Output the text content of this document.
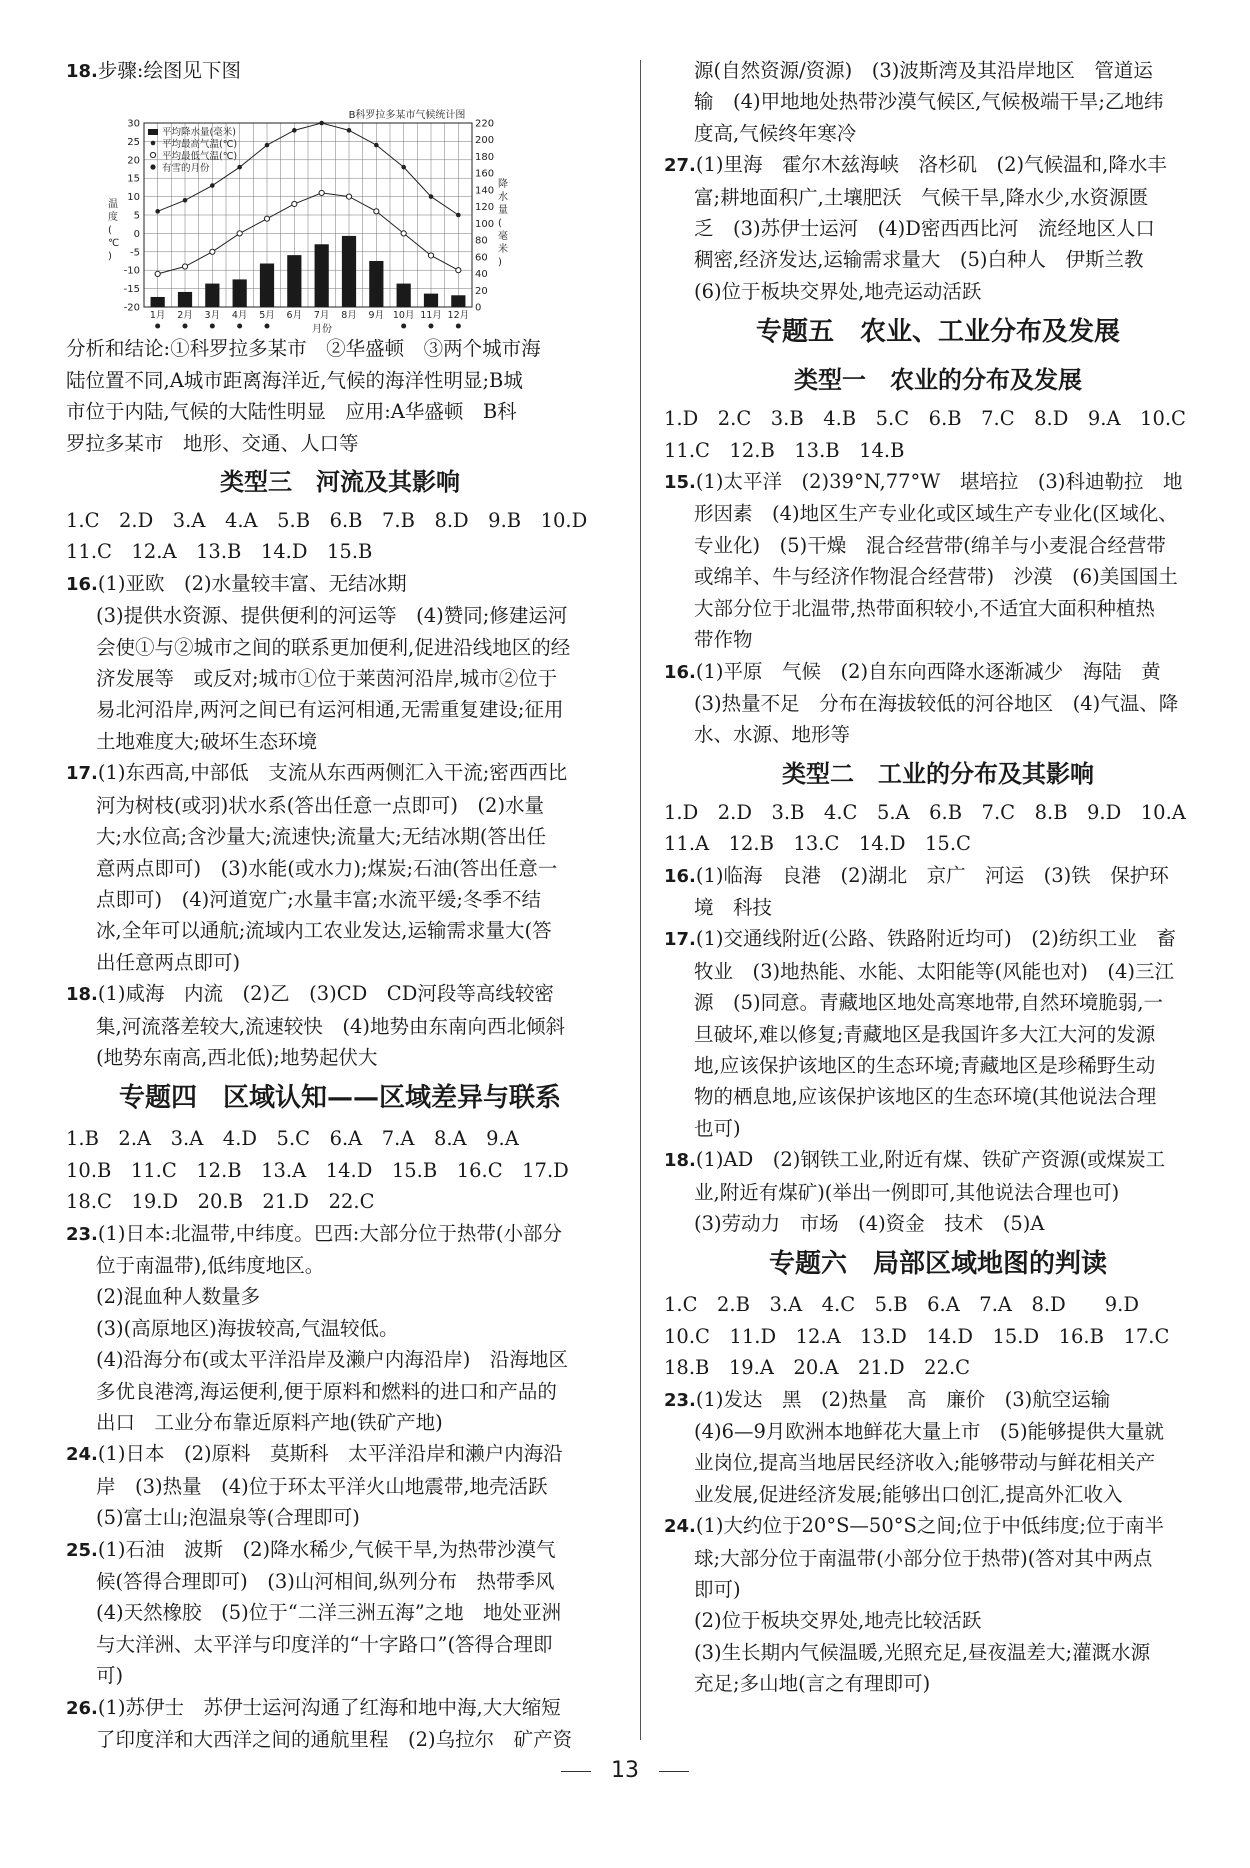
18.步骤:绘图见下图
B科罗拉多某市气候统计图
30
25
20
15
10
5
0
-5
-10
-15
-20
220
200
180
160
140
120
100
80
60
40
20
0
温度( ℃ )
降水量(毫米)
平均降水量(毫米)
平均最高气温(℃)
平均最低气温(℃)
有雪的月份
1月 2月 3月 4月 5月 6月 7月 8月 9月 10月 11月 12月
月份
分析和结论:①科罗拉多某市　②华盛顿　③两个城市海
陆位置不同,A城市距离海洋近,气候的海洋性明显;B城
市位于内陆,气候的大陆性明显　应用:A华盛顿　B科
罗拉多某市　地形、交通、人口等
类型三　河流及其影响
1.C　2.D　3.A　4.A　5.B　6.B　7.B　8.D　9.B　10.D
11.C　12.A　13.B　14.D　15.B
16.(1)亚欧　(2)水量较丰富、无结冰期
(3)提供水资源、提供便利的河运等　(4)赞同;修建运河
会使①与②城市之间的联系更加便利,促进沿线地区的经
济发展等　或反对;城市①位于莱茵河沿岸,城市②位于
易北河沿岸,两河之间已有运河相通,无需重复建设;征用
土地难度大;破坏生态环境
17.(1)东西高,中部低　支流从东西两侧汇入干流;密西西比
河为树枝(或羽)状水系(答出任意一点即可)　(2)水量
大;水位高;含沙量大;流速快;流量大;无结冰期(答出任
意两点即可)　(3)水能(或水力);煤炭;石油(答出任意一
点即可)　(4)河道宽广;水量丰富;水流平缓;冬季不结
冰,全年可以通航;流域内工农业发达,运输需求量大(答
出任意两点即可)
18.(1)咸海　内流　(2)乙　(3)CD　CD河段等高线较密
集,河流落差较大,流速较快　(4)地势由东南向西北倾斜
(地势东南高,西北低);地势起伏大
专题四　区域认知——区域差异与联系
1.B　2.A　3.A　4.D　5.C　6.A　7.A　8.A　9.A
10.B　11.C　12.B　13.A　14.D　15.B　16.C　17.D
18.C　19.D　20.B　21.D　22.C
23.(1)日本:北温带,中纬度。巴西:大部分位于热带(小部分
位于南温带),低纬度地区。
(2)混血种人数量多
(3)(高原地区)海拔较高,气温较低。
(4)沿海分布(或太平洋沿岸及濑户内海沿岸)　沿海地区
多优良港湾,海运便利,便于原料和燃料的进口和产品的
出口　工业分布靠近原料产地(铁矿产地)
24.(1)日本　(2)原料　莫斯科　太平洋沿岸和濑户内海沿
岸　(3)热量　(4)位于环太平洋火山地震带,地壳活跃
(5)富士山;泡温泉等(合理即可)
25.(1)石油　波斯　(2)降水稀少,气候干旱,为热带沙漠气
候(答得合理即可)　(3)山河相间,纵列分布　热带季风
(4)天然橡胶　(5)位于“二洋三洲五海”之地　地处亚洲
与大洋洲、太平洋与印度洋的“十字路口”(答得合理即
可)
26.(1)苏伊士　苏伊士运河沟通了红海和地中海,大大缩短
了印度洋和大西洋之间的通航里程　(2)乌拉尔　矿产资
源(自然资源/资源)　(3)波斯湾及其沿岸地区　管道运
输　(4)甲地地处热带沙漠气候区,气候极端干旱;乙地纬
度高,气候终年寒冷
27.(1)里海　霍尔木兹海峡　洛杉矶　(2)气候温和,降水丰
富;耕地面积广,土壤肥沃　气候干旱,降水少,水资源匮
乏　(3)苏伊士运河　(4)D密西西比河　流经地区人口
稠密,经济发达,运输需求量大　(5)白种人　伊斯兰教
(6)位于板块交界处,地壳运动活跃
专题五　农业、工业分布及发展
类型一　农业的分布及发展
1.D　2.C　3.B　4.B　5.C　6.B　7.C　8.D　9.A　10.C
11.C　12.B　13.B　14.B
15.(1)太平洋　(2)39°N,77°W　堪培拉　(3)科迪勒拉　地
形因素　(4)地区生产专业化或区域生产专业化(区域化、
专业化)　(5)干燥　混合经营带(绵羊与小麦混合经营带
或绵羊、牛与经济作物混合经营带)　沙漠　(6)美国国土
大部分位于北温带,热带面积较小,不适宜大面积种植热
带作物
16.(1)平原　气候　(2)自东向西降水逐渐减少　海陆　黄
(3)热量不足　分布在海拔较低的河谷地区　(4)气温、降
水、水源、地形等
类型二　工业的分布及其影响
1.D　2.D　3.B　4.C　5.A　6.B　7.C　8.B　9.D　10.A
11.A　12.B　13.C　14.D　15.C
16.(1)临海　良港　(2)湖北　京广　河运　(3)铁　保护环
境　科技
17.(1)交通线附近(公路、铁路附近均可)　(2)纺织工业　畜
牧业　(3)地热能、水能、太阳能等(风能也对)　(4)三江
源　(5)同意。青藏地区地处高寒地带,自然环境脆弱,一
旦破坏,难以修复;青藏地区是我国许多大江大河的发源
地,应该保护该地区的生态环境;青藏地区是珍稀野生动
物的栖息地,应该保护该地区的生态环境(其他说法合理
也可)
18.(1)AD　(2)钢铁工业,附近有煤、铁矿产资源(或煤炭工
业,附近有煤矿)(举出一例即可,其他说法合理也可)
(3)劳动力　市场　(4)资金　技术　(5)A
专题六　局部区域地图的判读
1.C　2.B　3.A　4.C　5.B　6.A　7.A　8.D　　9.D
10.C　11.D　12.A　13.D　14.D　15.D　16.B　17.C
18.B　19.A　20.A　21.D　22.C
23.(1)发达　黑　(2)热量　高　廉价　(3)航空运输
(4)6—9月欧洲本地鲜花大量上市　(5)能够提供大量就
业岗位,提高当地居民经济收入;能够带动与鲜花相关产
业发展,促进经济发展;能够出口创汇,提高外汇收入
24.(1)大约位于20°S—50°S之间;位于中低纬度;位于南半
球;大部分位于南温带(小部分位于热带)(答对其中两点
即可)
(2)位于板块交界处,地壳比较活跃
(3)生长期内气候温暖,光照充足,昼夜温差大;灌溉水源
充足;多山地(言之有理即可)
13
